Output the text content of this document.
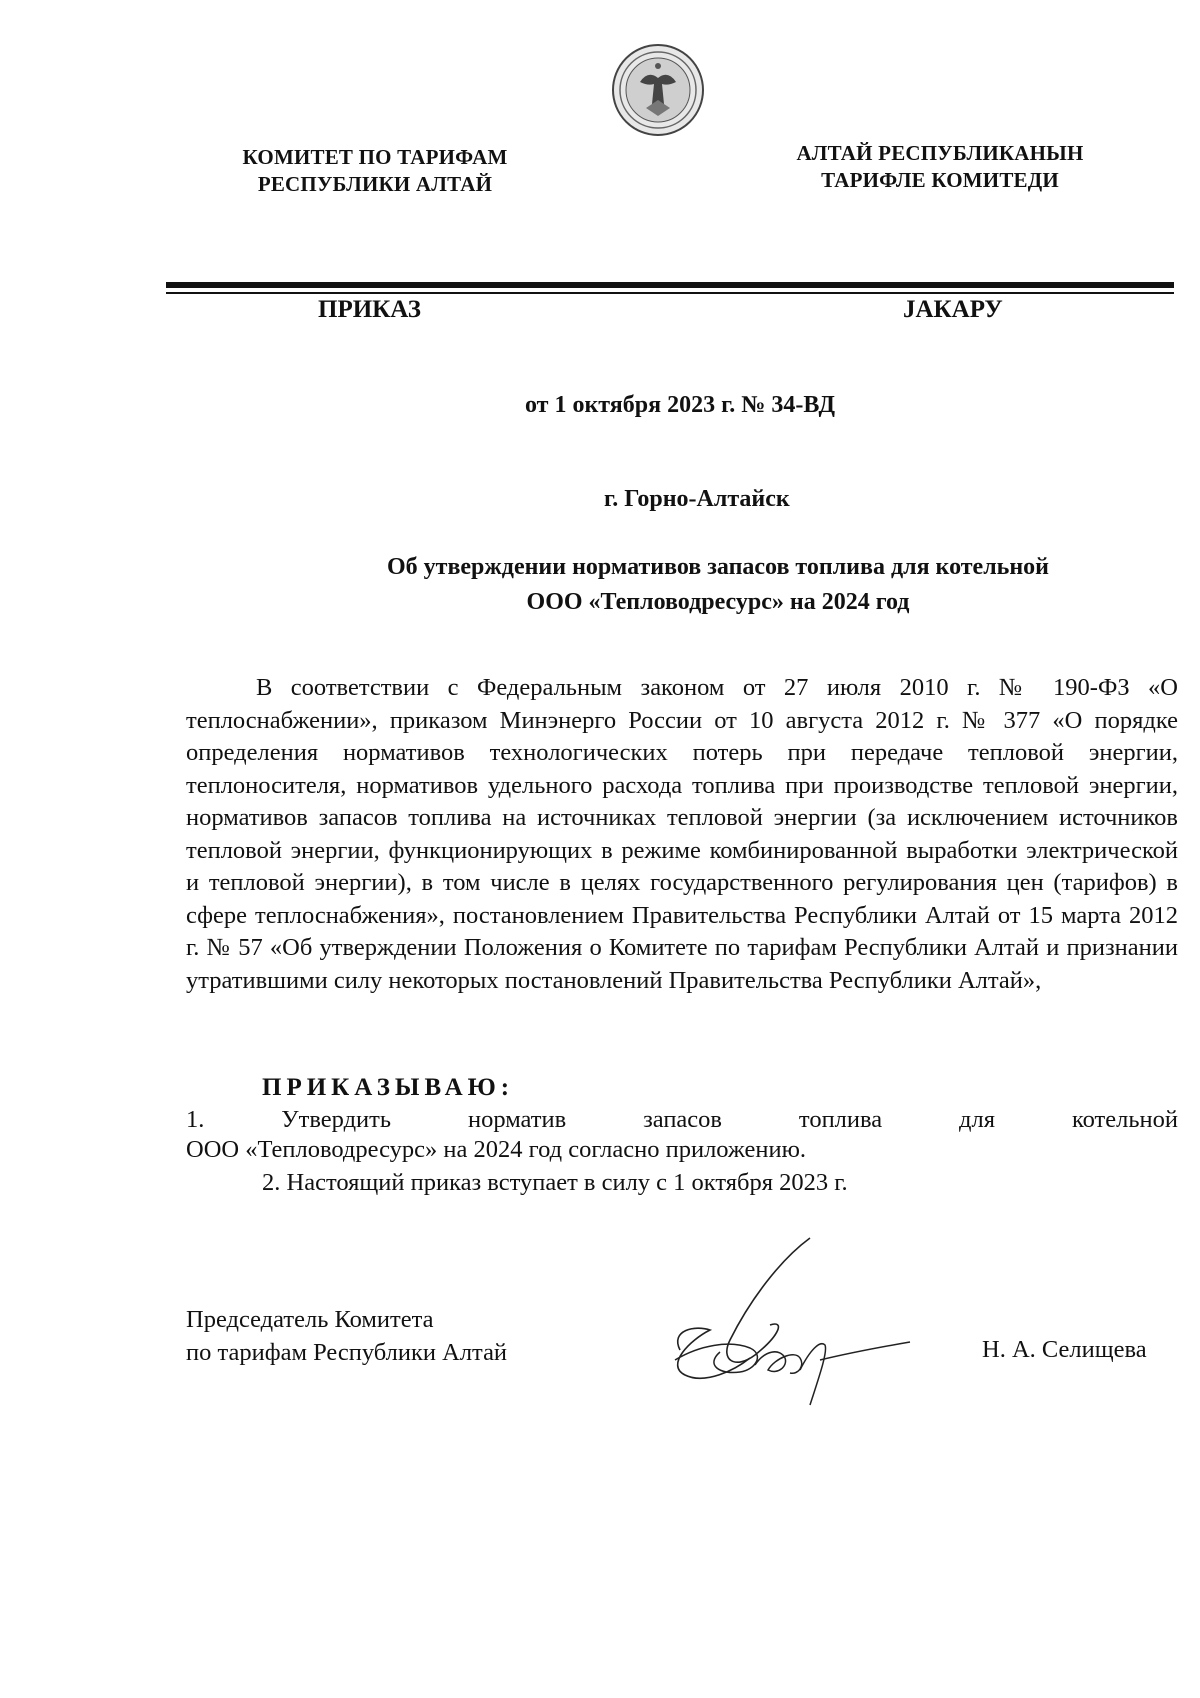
КОМИТЕТ ПО ТАРИФАМ
РЕСПУБЛИКИ АЛТАЙ
АЛТАЙ РЕСПУБЛИКАНЫН
ТАРИФЛЕ КОМИТЕДИ
ПРИКАЗ	ЈАКАРУ
от 1 октября 2023 г. № 34-ВД
г. Горно-Алтайск
Об утверждении нормативов запасов топлива для котельной
ООО «Тепловодресурс» на 2024 год
В соответствии с Федеральным законом от 27 июля 2010 г. № 190-ФЗ «О теплоснабжении», приказом Минэнерго России от 10 августа 2012 г. № 377 «О порядке определения нормативов технологических потерь при передаче тепловой энергии, теплоносителя, нормативов удельного расхода топлива при производстве тепловой энергии, нормативов запасов топлива на источниках тепловой энергии (за исключением источников тепловой энергии, функционирующих в режиме комбинированной выработки электрической и тепловой энергии), в том числе в целях государственного регулирования цен (тарифов) в сфере теплоснабжения», постановлением Правительства Республики Алтай от 15 марта 2012 г. № 57 «Об утверждении Положения о Комитете по тарифам Республики Алтай и признании утратившими силу некоторых постановлений Правительства Республики Алтай»,
ПРИКАЗЫВАЮ:
1. Утвердить норматив запасов топлива для котельной
ООО «Тепловодресурс» на 2024 год согласно приложению.
2. Настоящий приказ вступает в силу с 1 октября 2023 г.
Председатель Комитета
по тарифам Республики Алтай	Н. А. Селищева
